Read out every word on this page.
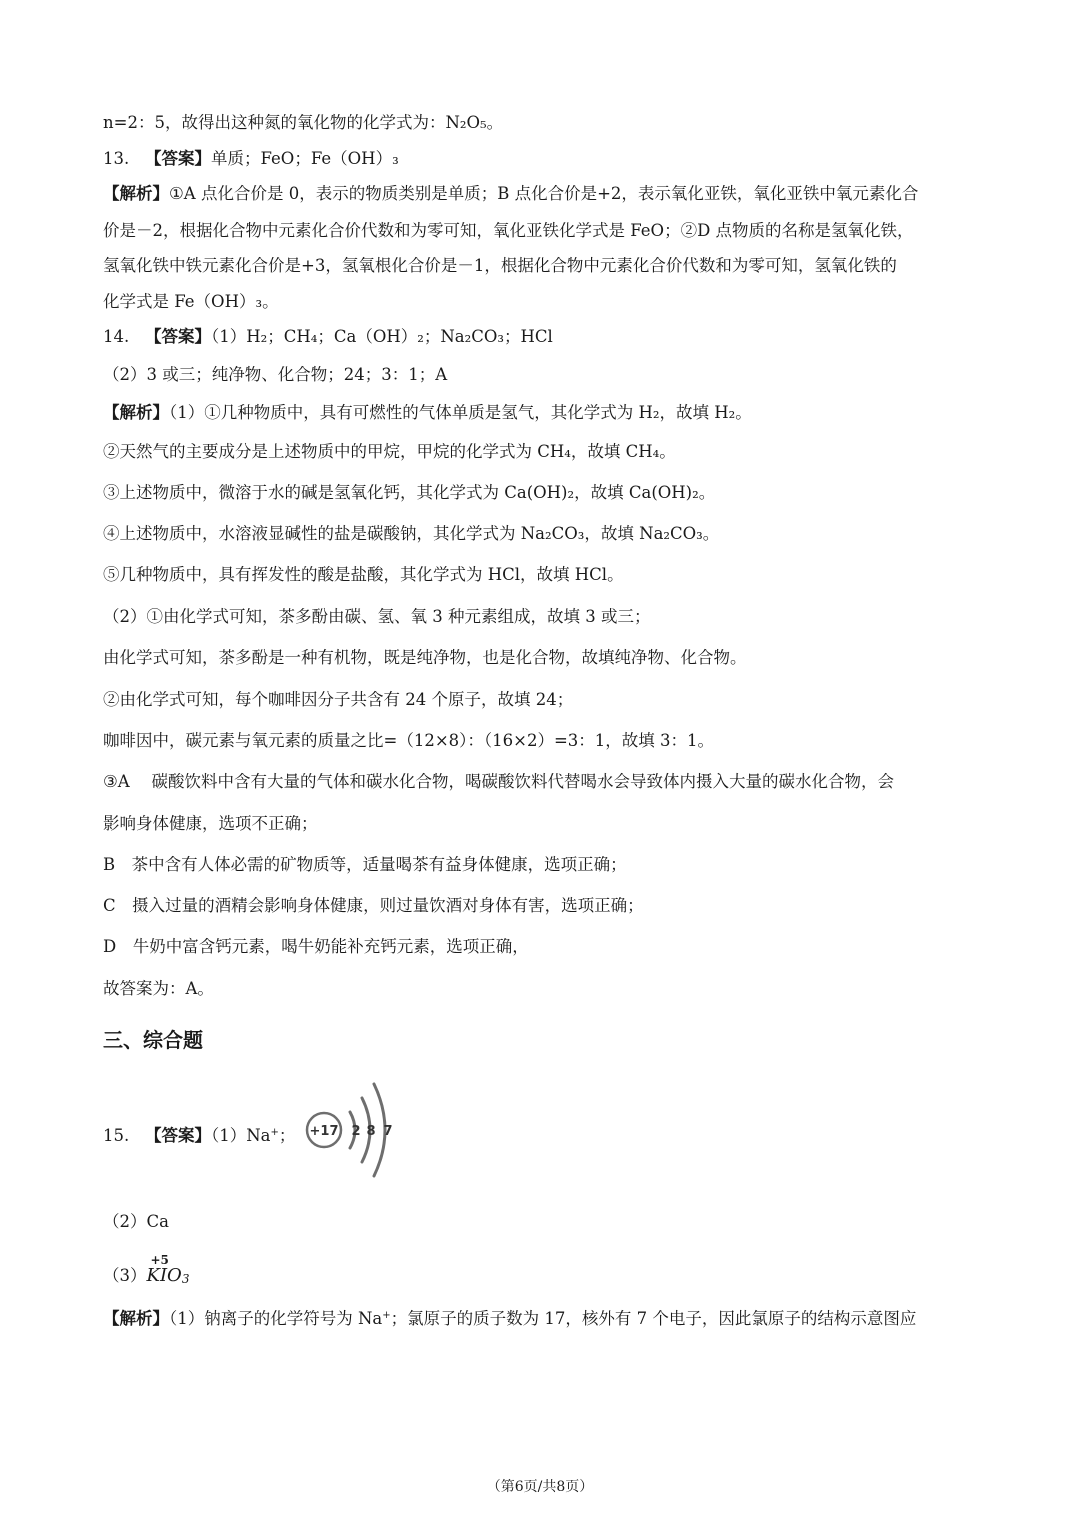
n=2：5，故得出这种氮的氧化物的化学式为：N₂O₅。
13. 【答案】单质；FeO；Fe（OH）₃
【解析】①A 点化合价是 0，表示的物质类别是单质；B 点化合价是+2，表示氧化亚铁，氧化亚铁中氧元素化合
价是－2，根据化合物中元素化合价代数和为零可知，氧化亚铁化学式是 FeO；②D 点物质的名称是氢氧化铁，
氢氧化铁中铁元素化合价是+3，氢氧根化合价是－1，根据化合物中元素化合价代数和为零可知，氢氧化铁的
化学式是 Fe（OH）₃。
14. 【答案】（1）H₂；CH₄；Ca（OH）₂；Na₂CO₃；HCl
（2）3 或三；纯净物、化合物；24；3：1；A
【解析】（1）①几种物质中，具有可燃性的气体单质是氢气，其化学式为 H₂，故填 H₂。
②天然气的主要成分是上述物质中的甲烷，甲烷的化学式为 CH₄，故填 CH₄。
③上述物质中，微溶于水的碱是氢氧化钙，其化学式为 Ca(OH)₂，故填 Ca(OH)₂。
④上述物质中，水溶液显碱性的盐是碳酸钠，其化学式为 Na₂CO₃，故填 Na₂CO₃。
⑤几种物质中，具有挥发性的酸是盐酸，其化学式为 HCl，故填 HCl。
（2）①由化学式可知，茶多酚由碳、氢、氧 3 种元素组成，故填 3 或三；
由化学式可知，茶多酚是一种有机物，既是纯净物，也是化合物，故填纯净物、化合物。
②由化学式可知，每个咖啡因分子共含有 24 个原子，故填 24；
咖啡因中，碳元素与氧元素的质量之比=（12×8）：（16×2）=3：1，故填 3：1。
③A　 碳酸饮料中含有大量的气体和碳水化合物，喝碳酸饮料代替喝水会导致体内摄入大量的碳水化合物，会
影响身体健康，选项不正确；
B　茶中含有人体必需的矿物质等，适量喝茶有益身体健康，选项正确；
C　摄入过量的酒精会影响身体健康，则过量饮酒对身体有害，选项正确；
D　牛奶中富含钙元素，喝牛奶能补充钙元素，选项正确，
故答案为：A。
三、综合题
15. 【答案】（1）Na+； +17 2 8 7
（2）Ca
（3）
+5
$KIO_3$
【解析】（1）钠离子的化学符号为 Na+；氯原子的质子数为 17，核外有 7 个电子，因此氯原子的结构示意图应
（第6页/共8页）
